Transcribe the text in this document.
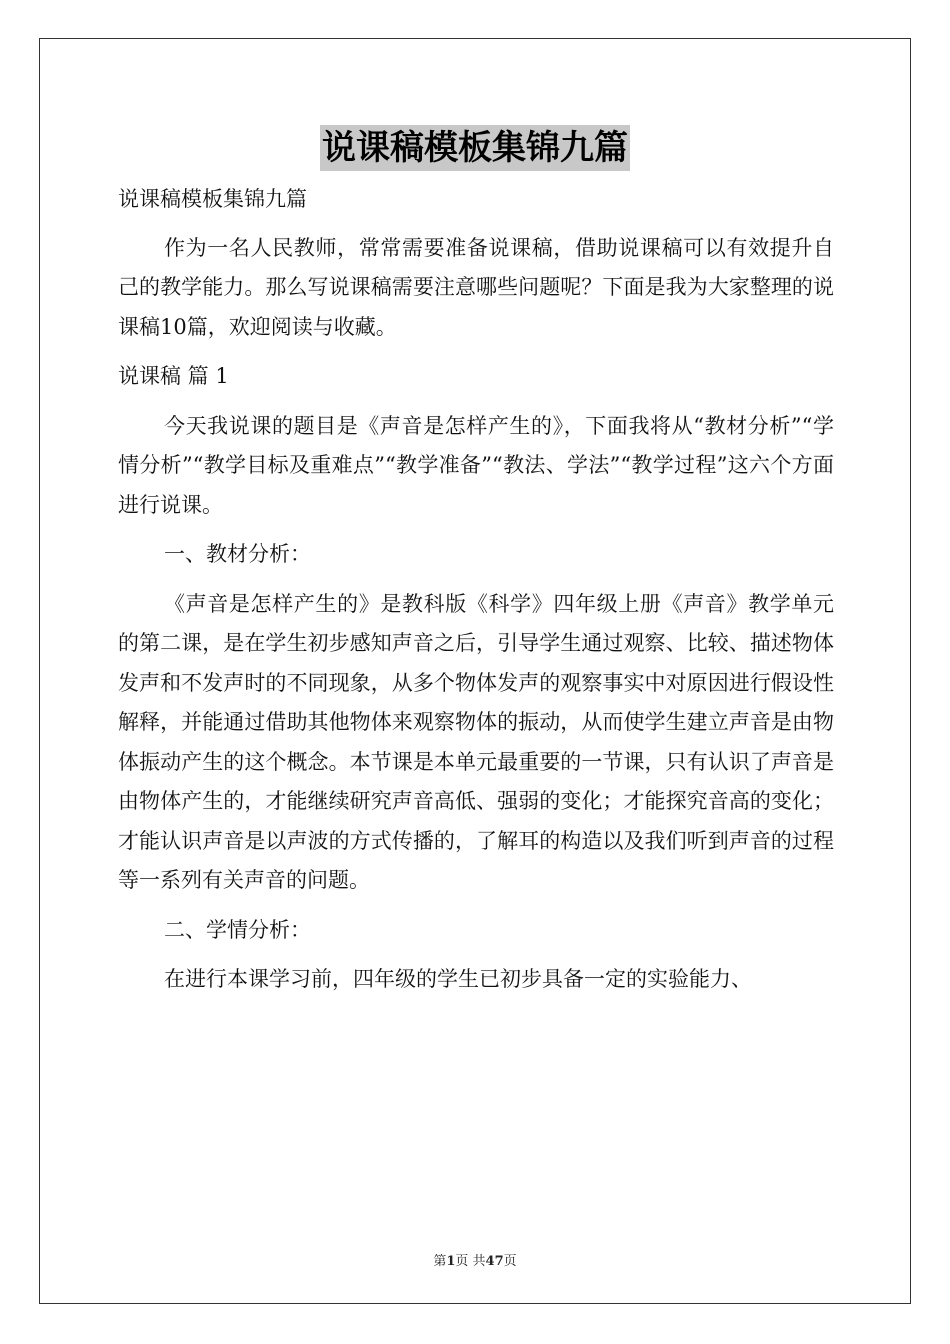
说课稿模板集锦九篇

说课稿模板集锦九篇

作为一名人民教师，常常需要准备说课稿，借助说课稿可以有效提升自己的教学能力。那么写说课稿需要注意哪些问题呢？下面是我为大家整理的说课稿10篇，欢迎阅读与收藏。

说课稿 篇 1

今天我说课的题目是《声音是怎样产生的》，下面我将从“教材分析”“学情分析”“教学目标及重难点”“教学准备”“教法、学法”“教学过程”这六个方面进行说课。

一、教材分析：

《声音是怎样产生的》是教科版《科学》四年级上册《声音》教学单元的第二课，是在学生初步感知声音之后，引导学生通过观察、比较、描述物体发声和不发声时的不同现象，从多个物体发声的观察事实中对原因进行假设性解释，并能通过借助其他物体来观察物体的振动，从而使学生建立声音是由物体振动产生的这个概念。本节课是本单元最重要的一节课，只有认识了声音是由物体产生的，才能继续研究声音高低、强弱的变化；才能探究音高的变化；才能认识声音是以声波的方式传播的，了解耳的构造以及我们听到声音的过程等一系列有关声音的问题。

二、学情分析：

在进行本课学习前，四年级的学生已初步具备一定的实验能力、

第1页 共47页
